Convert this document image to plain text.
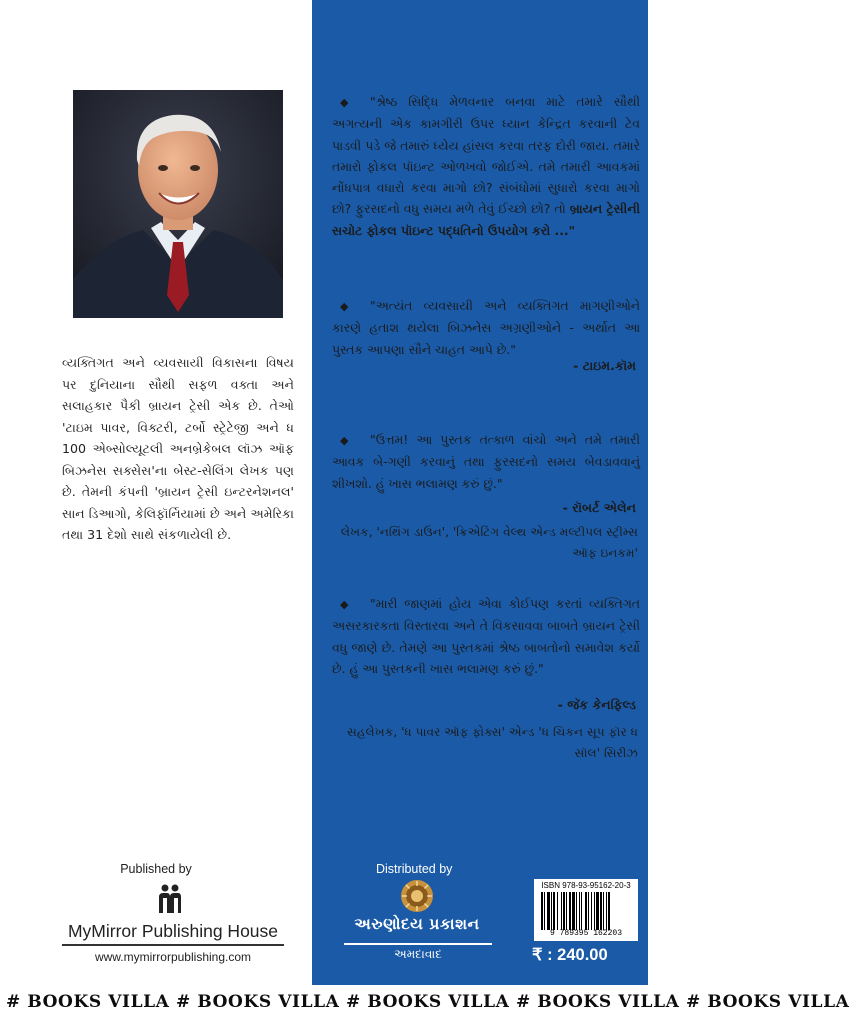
વ્યક્તિગત અને વ્યવસાયી વિકાસના વિષય પર દુનિયાના સૌથી સફળ વક્તા અને સલાહકાર પૈકી બ્રાયન ટ્રેસી એક છે. તેઓ 'ટાઇમ પાવર, વિક્ટરી, ટર્બો સ્ટ્રેટેજી અને ધ 100 એબ્સોલ્યૂટલી અનબ્રેકેબલ લૉઝ ઑફ બિઝનેસ સક્સેસ'ના બેસ્ટ-સેલિંગ લેખક પણ છે. તેમની કંપની 'બ્રાયન ટ્રેસી ઇન્ટરનેશનલ' સાન ડિઆગો, કેલિફૉર્નિયામાં છે અને અમેરિકા તથા 31 દેશો સાથે સંકળાયેલી છે.

Published by
MyMirror Publishing House
www.mymirrorpublishing.com
◆ "શ્રેષ્ઠ સિદ્ધિ મેળવનાર બનવા માટે તમારે સૌથી અગત્યની એક કામગીરી ઉપર ધ્યાન કેન્દ્રિત કરવાની ટેવ પાડવી પડે જે તમારું ધ્યેય હાંસલ કરવા તરફ દોરી જાય. તમારે તમારો ફોકલ પૉઇન્ટ ઓળખવો જોઈએ. તમે તમારી આવકમાં નોંધપાત્ર વધારો કરવા માગો છો? સંબંધોમાં સુધારો કરવા માગો છો? ફુરસદનો વધુ સમય મળે તેવું ઈચ્છો છો? તો બ્રાયન ટ્રેસીની સચોટ ફોકલ પૉઇન્ટ પદ્ધતિનો ઉપયોગ કરો ..."
◆ "અત્યંત વ્યવસાયી અને વ્યક્તિગત માગણીઓને કારણે હતાશ થયેલા બિઝનેસ અગ્રણીઓને - અર્થાત આ પુસ્તક આપણા સૌને ચાહત આપે છે."
- ટાઇમ.કૉમ
◆ "ઉત્તમ! આ પુસ્તક તત્કાળ વાંચો અને તમે તમારી આવક બે-ગણી કરવાનું તથા ફુરસદનો સમય બેવડાવવાનું શીખશો. હું ખાસ ભલામણ કરું છું."
- રૉબર્ટ એલેન
લેખક, 'નથિંગ ડાઉન', 'ક્રિએટિંગ વેલ્થ એન્ડ મલ્ટીપલ સ્ટ્રીમ્સ ઑફ ઇનકમ'
◆ "મારી જાણમાં હોય એવા કોઈપણ કરતાં વ્યક્તિગત અસરકારકતા વિસ્તારવા અને તે વિકસાવવા બાબતે બ્રાયન ટ્રેસી વધુ જાણે છે. તેમણે આ પુસ્તકમાં શ્રેષ્ઠ બાબતોનો સમાવેશ કર્યો છે. હું આ પુસ્તકની ખાસ ભલામણ કરું છું."
- જૅક કેનફિલ્ડ
સહલેખક, 'ધ પાવર ઑફ ફોક્સ' એન્ડ 'ધ ચિકન સૂપ ફૉર ધ સૉલ' સિરીઝ
Distributed by
અરુણોદય પ્રકાશન
અમદાવાદ
ISBN 978-93-95162-20-3
9 789395 162203
₹ : 240.00
# BOOKS VILLA # BOOKS VILLA # BOOKS VILLA # BOOKS VILLA # BOOKS VILLA
